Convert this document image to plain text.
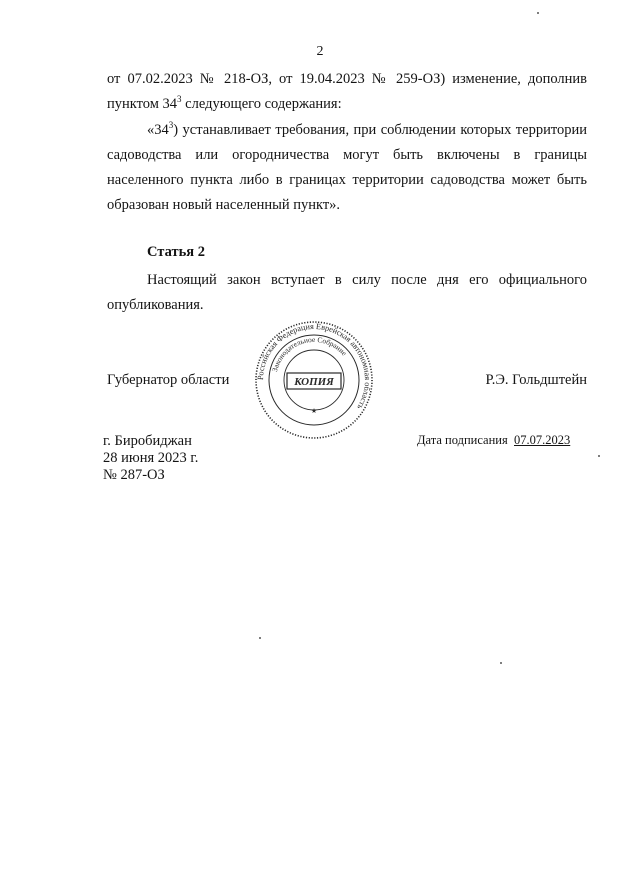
2
от 07.02.2023 № 218-ОЗ, от 19.04.2023 № 259-ОЗ) изменение, дополнив
пунктом $34^3$ следующего содержания:
«$34^3$) устанавливает требования, при соблюдении которых территории
садоводства или огородничества могут быть включены в границы
населенного пункта либо в границах территории садоводства может быть
образован новый населенный пункт».
Статья 2
Настоящий закон вступает в силу после дня его официального
опубликования.
Губернатор области	Российская Федерация Еврейская автономная область
Законодательное Собрание
КОПИЯ
★
Р.Э. Гольдштейн
г. Биробиджан
28 июня 2023 г.
№ 287-ОЗ
Дата подписания 07.07.2023
